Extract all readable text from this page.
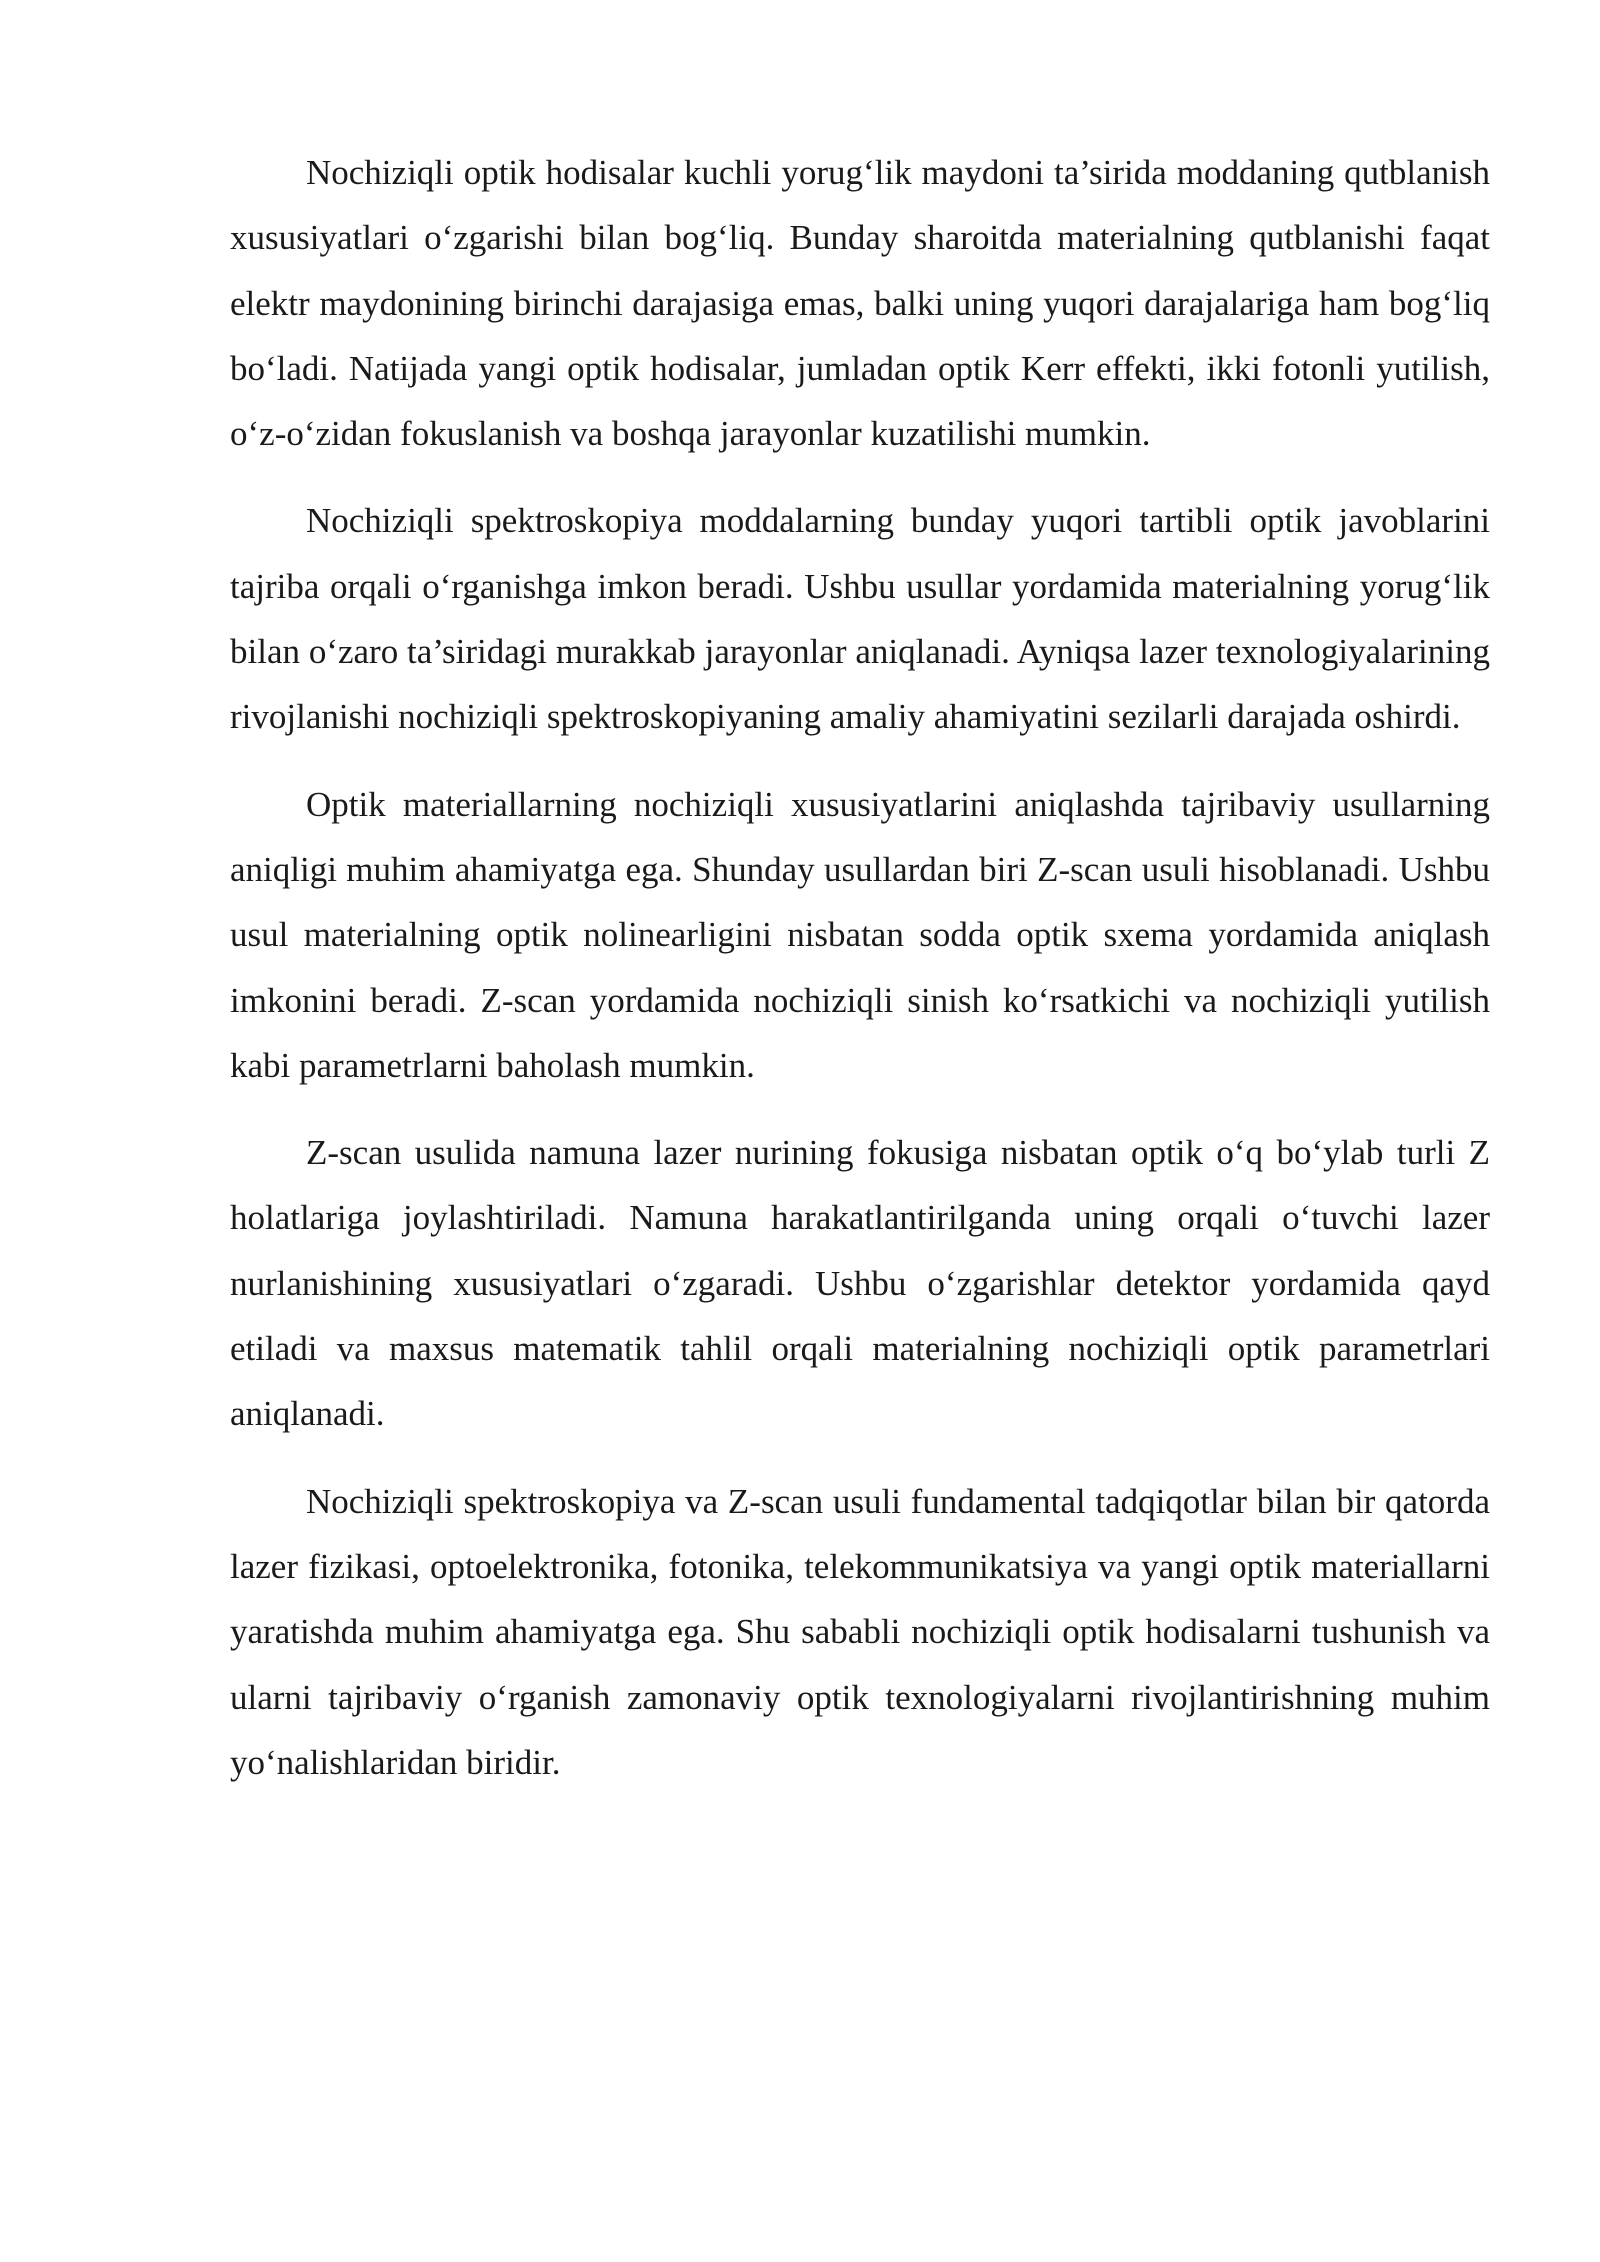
Nochiziqli optik hodisalar kuchli yorug‘lik maydoni ta’sirida moddaning qutblanish xususiyatlari o‘zgarishi bilan bog‘liq. Bunday sharoitda materialning qutblanishi faqat elektr maydonining birinchi darajasiga emas, balki uning yuqori darajalariga ham bog‘liq bo‘ladi. Natijada yangi optik hodisalar, jumladan optik Kerr effekti, ikki fotonli yutilish, o‘z-o‘zidan fokuslanish va boshqa jarayonlar kuzatilishi mumkin.

Nochiziqli spektroskopiya moddalarning bunday yuqori tartibli optik javoblarini tajriba orqali o‘rganishga imkon beradi. Ushbu usullar yordamida materialning yorug‘lik bilan o‘zaro ta’siridagi murakkab jarayonlar aniqlanadi. Ayniqsa lazer texnologiyalarining rivojlanishi nochiziqli spektroskopiyaning amaliy ahamiyatini sezilarli darajada oshirdi.

Optik materiallarning nochiziqli xususiyatlarini aniqlashda tajribaviy usullarning aniqligi muhim ahamiyatga ega. Shunday usullardan biri Z-scan usuli hisoblanadi. Ushbu usul materialning optik nolinearligini nisbatan sodda optik sxema yordamida aniqlash imkonini beradi. Z-scan yordamida nochiziqli sinish ko‘rsatkichi va nochiziqli yutilish kabi parametrlarni baholash mumkin.

Z-scan usulida namuna lazer nurining fokusiga nisbatan optik o‘q bo‘ylab turli Z holatlariga joylashtiriladi. Namuna harakatlantirilganda uning orqali o‘tuvchi lazer nurlanishining xususiyatlari o‘zgaradi. Ushbu o‘zgarishlar detektor yordamida qayd etiladi va maxsus matematik tahlil orqali materialning nochiziqli optik parametrlari aniqlanadi.

Nochiziqli spektroskopiya va Z-scan usuli fundamental tadqiqotlar bilan bir qatorda lazer fizikasi, optoelektronika, fotonika, telekommunikatsiya va yangi optik materiallarni yaratishda muhim ahamiyatga ega. Shu sababli nochiziqli optik hodisalarni tushunish va ularni tajribaviy o‘rganish zamonaviy optik texnologiyalarni rivojlantirishning muhim yo‘nalishlaridan biridir.
